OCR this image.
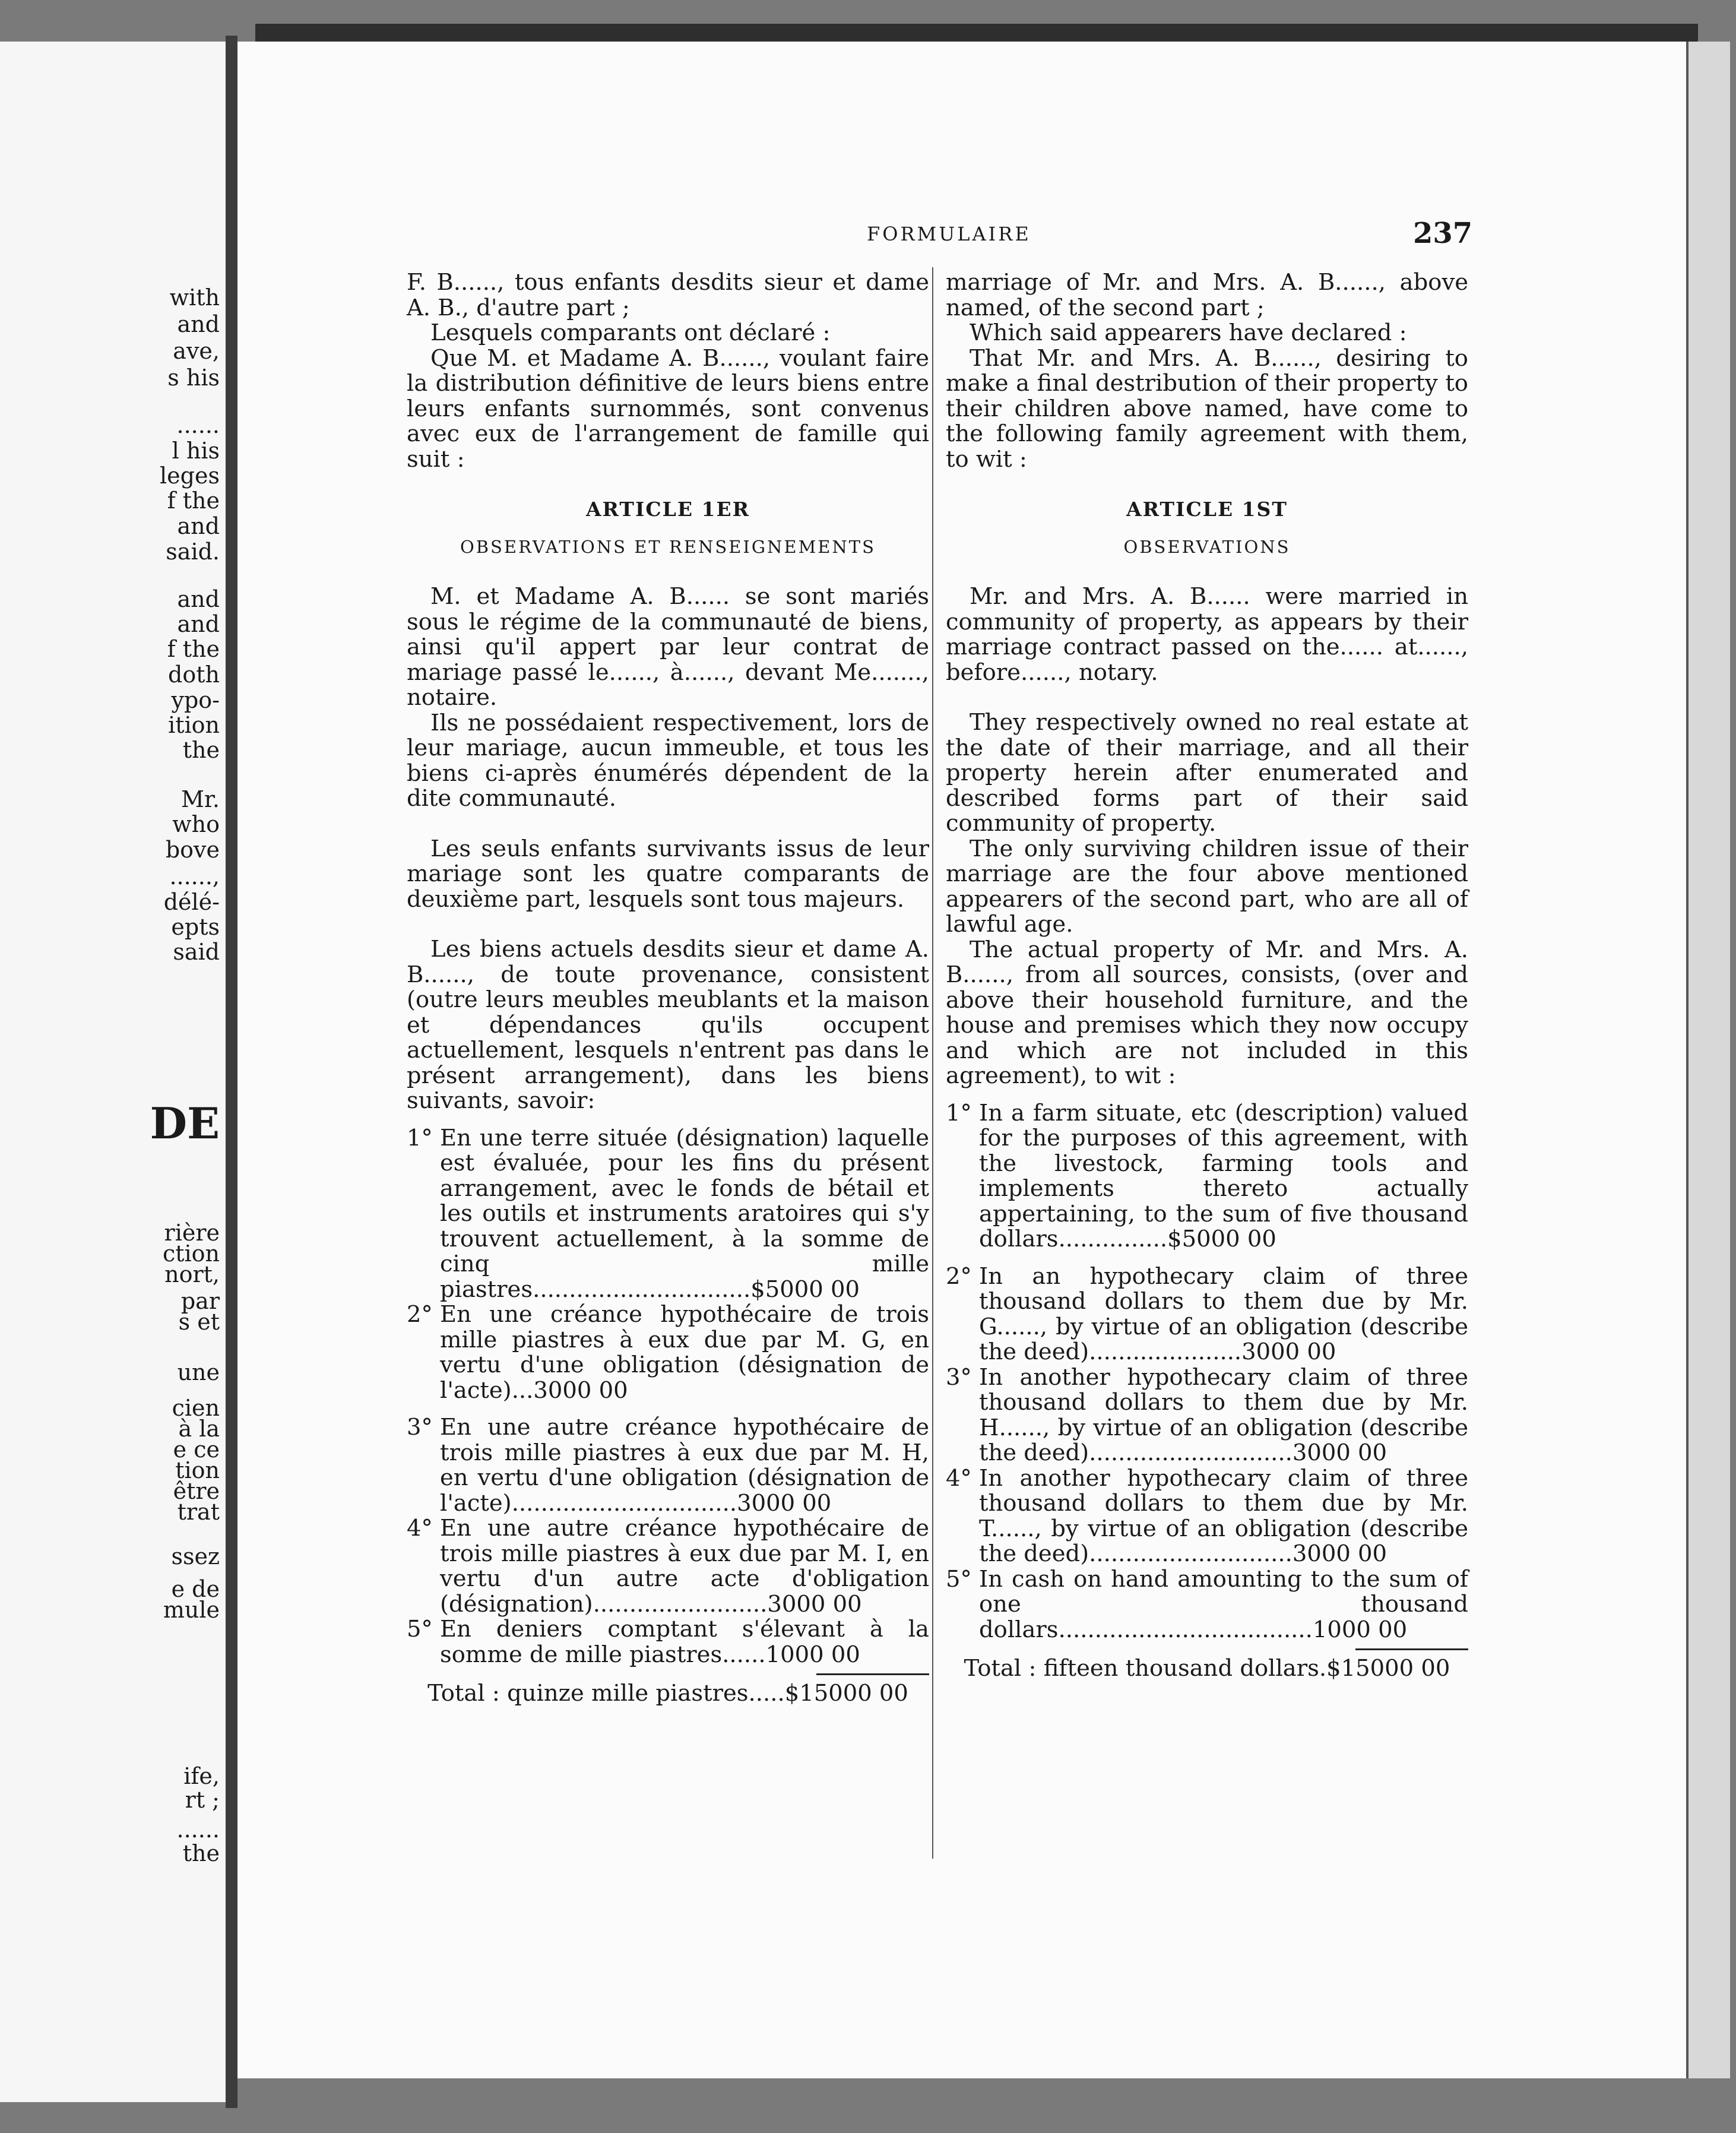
with
and
ave,
s his
......
l his
leges
f the
and
said.
and
and
f the
doth
ypo-
ition
the
Mr.
who
bove
......,
délé-
epts
said
DE
rière
ction
nort,
par
s et
une
cien
à la
e ce
tion
être
trat
ssez
e de
mule
ife,
rt ;
......
the
FORMULAIRE	237

F. B......, tous enfants desdits sieur et dame A. B., d'autre part ;

Lesquels comparants ont déclaré :

Que M. et Madame A. B......, voulant faire la distribution définitive de leurs biens entre leurs enfants surnommés, sont convenus avec eux de l'arrangement de famille qui suit :

ARTICLE 1ER

OBSERVATIONS ET RENSEIGNEMENTS

M. et Madame A. B...... se sont mariés sous le régime de la communauté de biens, ainsi qu'il appert par leur contrat de mariage passé le......, à......, devant Me......., notaire.

Ils ne possédaient respectivement, lors de leur mariage, aucun immeuble, et tous les biens ci-après énumérés dépendent de la dite communauté.

Les seuls enfants survivants issus de leur mariage sont les quatre comparants de deuxième part, lesquels sont tous majeurs.

Les biens actuels desdits sieur et dame A. B......, de toute provenance, consistent (outre leurs meubles meublants et la maison et dépendances qu'ils occupent actuellement, lesquels n'entrent pas dans le présent arrangement), dans les biens suivants, savoir:

1° En une terre située (désignation) laquelle est évaluée, pour les fins du présent arrangement, avec le fonds de bétail et les outils et instruments aratoires qui s'y trouvent actuellement, à la somme de cinq mille piastres..............................$5000 00
2° En une créance hypothécaire de trois mille piastres à eux due par M. G, en vertu d'une obligation (désignation de l'acte)...3000 00
3° En une autre créance hypothécaire de trois mille piastres à eux due par M. H, en vertu d'une obligation (désignation de l'acte)...............................3000 00
4° En une autre créance hypothécaire de trois mille piastres à eux due par M. I, en vertu d'un autre acte d'obligation (désignation)........................3000 00
5° En deniers comptant s'élevant à la somme de mille piastres......1000 00

Total : quinze mille piastres.....$15000 00

marriage of Mr. and Mrs. A. B......, above named, of the second part ;

Which said appearers have declared :

That Mr. and Mrs. A. B......, desiring to make a final destribution of their property to their children above named, have come to the following family agreement with them, to wit :

ARTICLE 1ST

OBSERVATIONS

Mr. and Mrs. A. B...... were married in community of property, as appears by their marriage contract passed on the...... at......, before......, notary.

They respectively owned no real estate at the date of their marriage, and all their property herein after enumerated and described forms part of their said community of property.

The only surviving children issue of their marriage are the four above mentioned appearers of the second part, who are all of lawful age.

The actual property of Mr. and Mrs. A. B......, from all sources, consists, (over and above their household furniture, and the house and premises which they now occupy and which are not included in this agreement), to wit :

1° In a farm situate, etc (description) valued for the purposes of this agreement, with the livestock, farming tools and implements thereto actually appertaining, to the sum of five thousand dollars...............$5000 00
2° In an hypothecary claim of three thousand dollars to them due by Mr. G......, by virtue of an obligation (describe the deed).....................3000 00
3° In another hypothecary claim of three thousand dollars to them due by Mr. H......, by virtue of an obligation (describe the deed)............................3000 00
4° In another hypothecary claim of three thousand dollars to them due by Mr. T......, by virtue of an obligation (describe the deed)............................3000 00
5° In cash on hand amounting to the sum of one thousand dollars...................................1000 00

Total : fifteen thousand dollars.$15000 00
